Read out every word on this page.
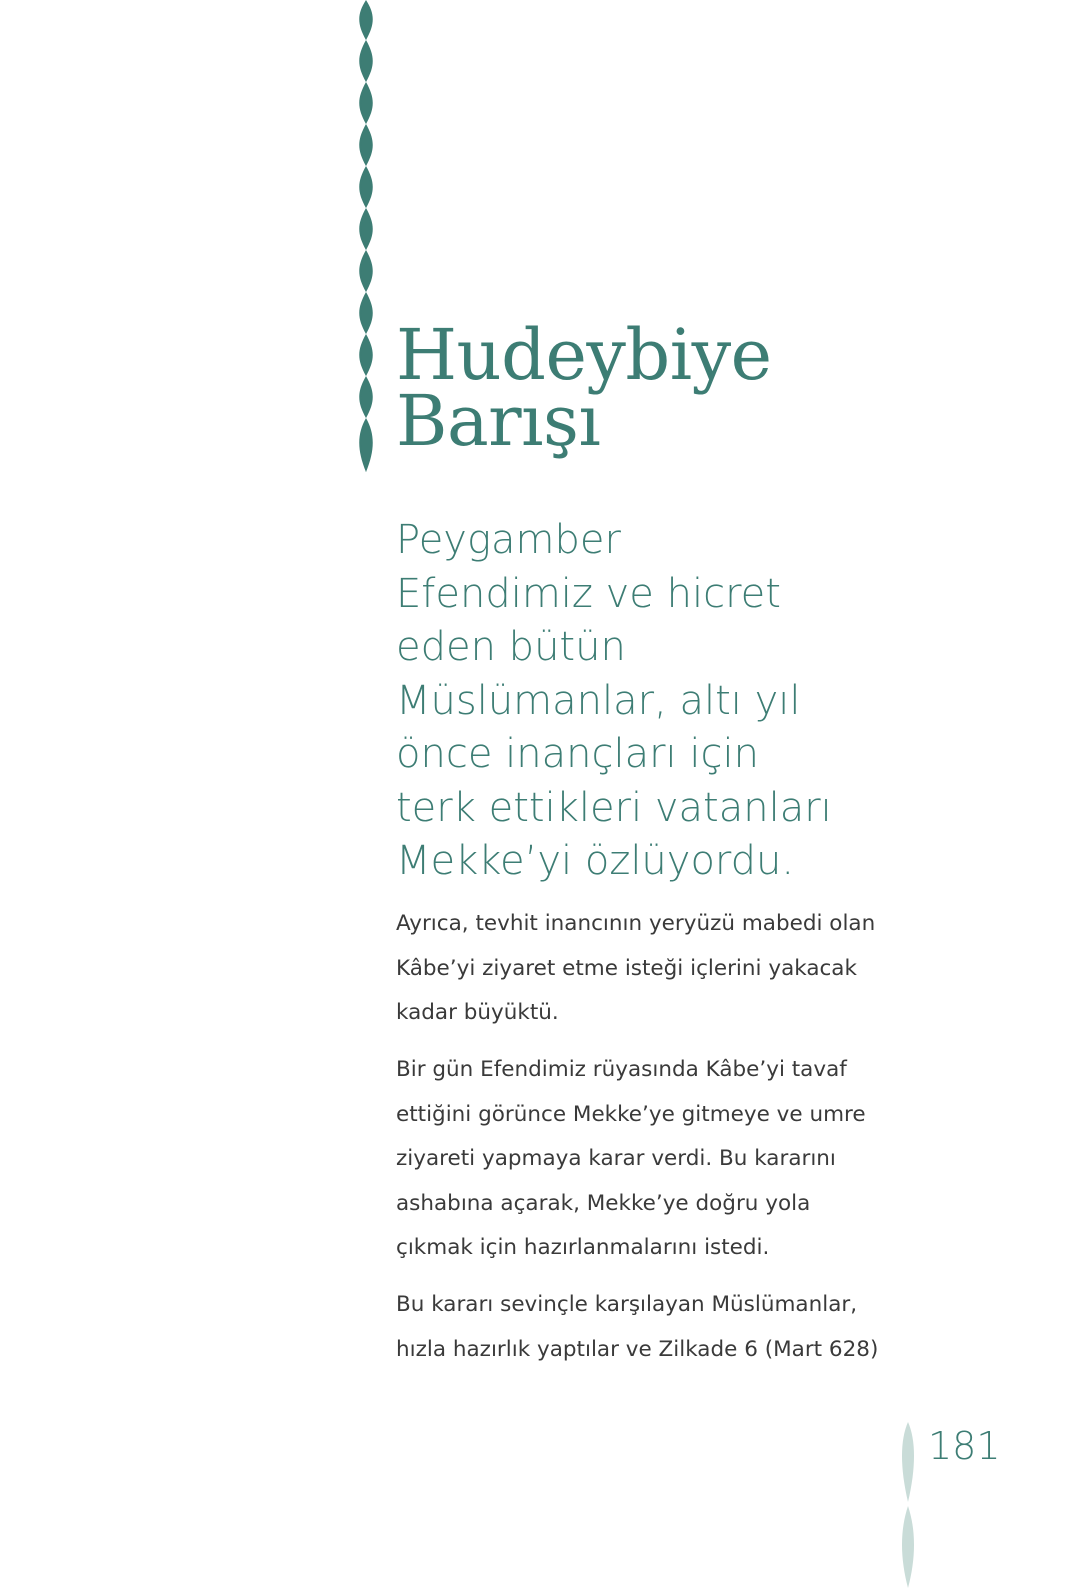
Hudeybiye
Barışı

Peygamber
Efendimiz ve hicret
eden bütün
Müslümanlar, altı yıl
önce inançları için
terk ettikleri vatanları
Mekke’yi özlüyordu.

Ayrıca, tevhit inancının yeryüzü mabedi olan
Kâbe’yi ziyaret etme isteği içlerini yakacak
kadar büyüktü.

Bir gün Efendimiz rüyasında Kâbe’yi tavaf
ettiğini görünce Mekke’ye gitmeye ve umre
ziyareti yapmaya karar verdi. Bu kararını
ashabına açarak, Mekke’ye doğru yola
çıkmak için hazırlanmalarını istedi.

Bu kararı sevinçle karşılayan Müslümanlar,
hızla hazırlık yaptılar ve Zilkade 6 (Mart 628)

181
